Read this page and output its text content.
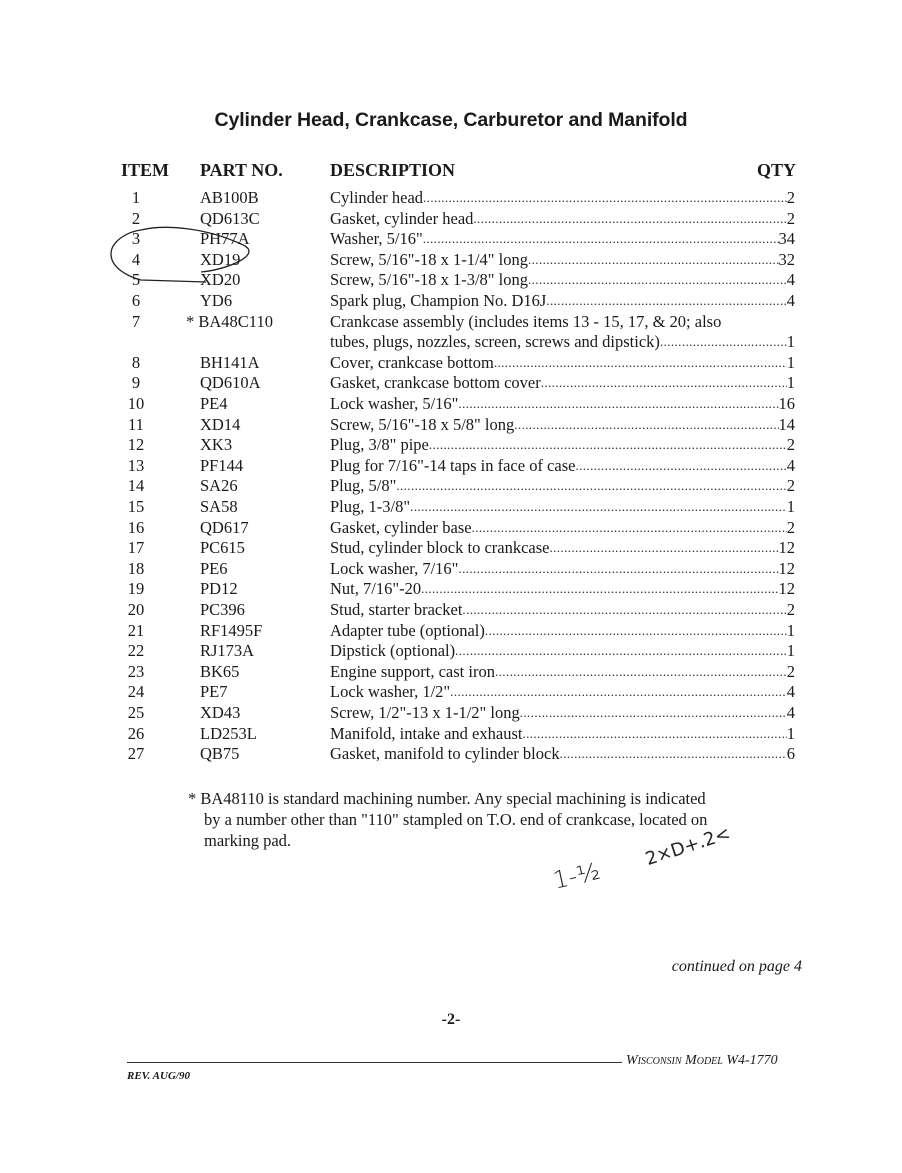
Cylinder Head, Crankcase, Carburetor and Manifold
ITEM PART NO.	DESCRIPTION	QTY
1	AB100B	Cylinder head .....	2
2	QD613C	Gasket, cylinder head .....	2
3	PH77A	Washer, 5/16" .....	34
4	XD19	Screw, 5/16"-18 x 1-1/4" long .....	32
5	XD20	Screw, 5/16"-18 x 1-3/8" long .....	4
6	YD6	Spark plug, Champion No. D16J .....	4
7	* BA48C110	Crankcase assembly (includes items 13 - 15, 17, & 20; also
tubes, plugs, nozzles, screen, screws and dipstick) .....	1
8	BH141A	Cover, crankcase bottom .....	1
9	QD610A	Gasket, crankcase bottom cover .....	1
10	PE4	Lock washer, 5/16" .....	16
11	XD14	Screw, 5/16"-18 x 5/8" long .....	14
12	XK3	Plug, 3/8" pipe .....	2
13	PF144	Plug for 7/16"-14 taps in face of case .....	4
14	SA26	Plug, 5/8" .....	2
15	SA58	Plug, 1-3/8" .....	1
16	QD617	Gasket, cylinder base .....	2
17	PC615	Stud, cylinder block to crankcase .....	12
18	PE6	Lock washer, 7/16" .....	12
19	PD12	Nut, 7/16"-20 .....	12
20	PC396	Stud, starter bracket .....	2
21	RF1495F	Adapter tube (optional) .....	1
22	RJ173A	Dipstick (optional) .....	1
23	BK65	Engine support, cast iron .....	2
24	PE7	Lock washer, 1/2" .....	4
25	XD43	Screw, 1/2"-13 x 1-1/2" long .....	4
26	LD253L	Manifold, intake and exhaust .....	1
27	QB75	Gasket, manifold to cylinder block .....	6
* BA48110 is standard machining number. Any special machining is indicated
by a number other than "110" stampled on T.O. end of crankcase, located on
marking pad.
1-½
2×D+.2<
continued on page 4
-2-
Wisconsin Model W4-1770
REV. AUG/90
